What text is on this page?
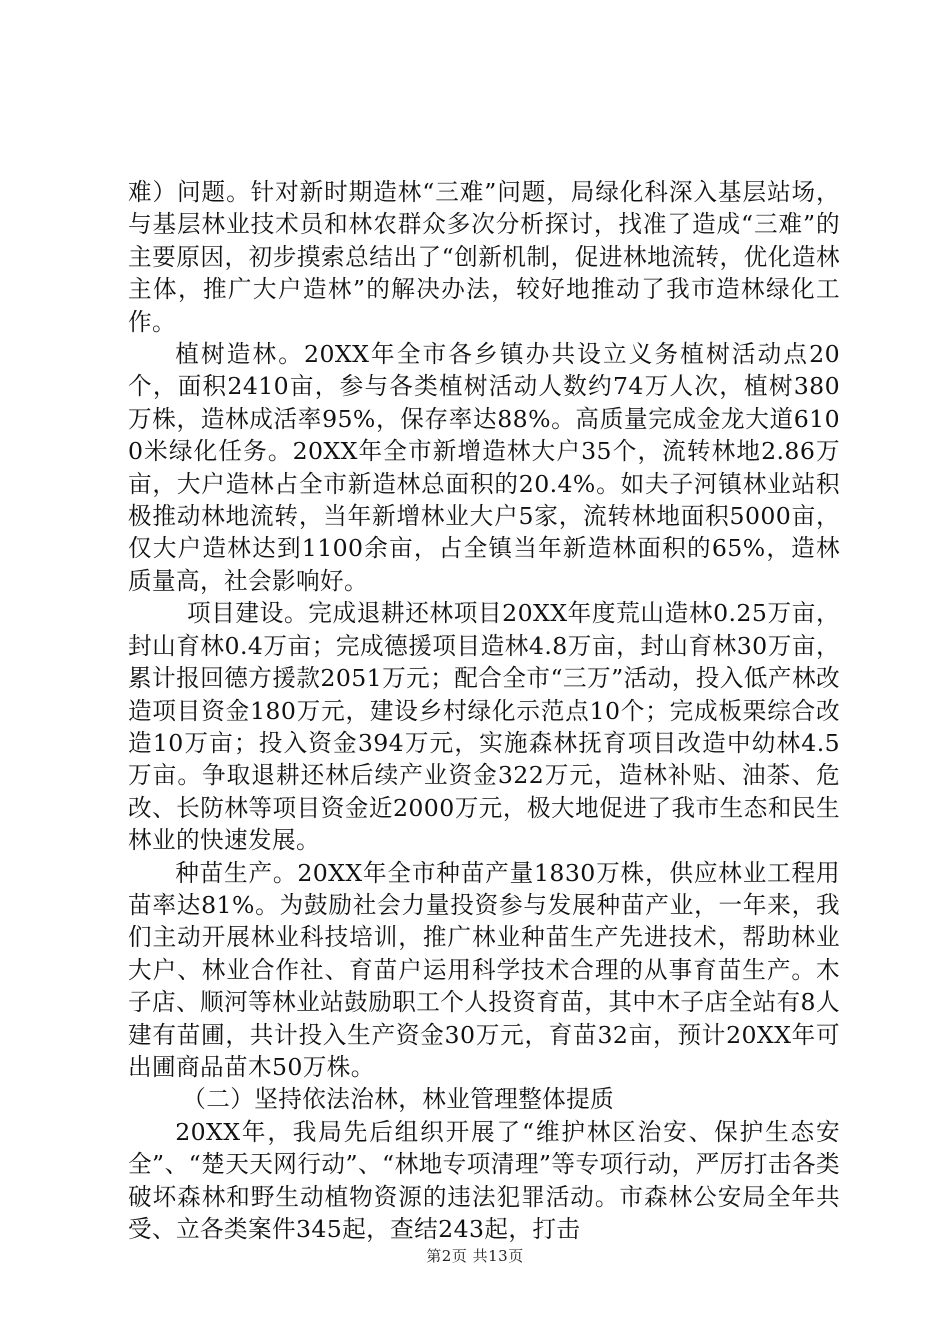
难）问题。针对新时期造林“三难”问题，局绿化科深入基层站场，与基层林业技术员和林农群众多次分析探讨，找准了造成“三难”的主要原因，初步摸索总结出了“创新机制，促进林地流转，优化造林主体，推广大户造林”的解决办法，较好地推动了我市造林绿化工作。

植树造林。20XX年全市各乡镇办共设立义务植树活动点20个，面积2410亩，参与各类植树活动人数约74万人次，植树380万株，造林成活率95%，保存率达88%。高质量完成金龙大道6100米绿化任务。20XX年全市新增造林大户35个，流转林地2.86万亩，大户造林占全市新造林总面积的20.4%。如夫子河镇林业站积极推动林地流转，当年新增林业大户5家，流转林地面积5000亩，仅大户造林达到1100余亩，占全镇当年新造林面积的65%，造林质量高，社会影响好。

项目建设。完成退耕还林项目20XX年度荒山造林0.25万亩，封山育林0.4万亩；完成德援项目造林4.8万亩，封山育林30万亩，累计报回德方援款2051万元；配合全市“三万”活动，投入低产林改造项目资金180万元，建设乡村绿化示范点10个；完成板栗综合改造10万亩；投入资金394万元，实施森林抚育项目改造中幼林4.5万亩。争取退耕还林后续产业资金322万元，造林补贴、油茶、危改、长防林等项目资金近2000万元，极大地促进了我市生态和民生林业的快速发展。

种苗生产。20XX年全市种苗产量1830万株，供应林业工程用苗率达81%。为鼓励社会力量投资参与发展种苗产业，一年来，我们主动开展林业科技培训，推广林业种苗生产先进技术，帮助林业大户、林业合作社、育苗户运用科学技术合理的从事育苗生产。木子店、顺河等林业站鼓励职工个人投资育苗，其中木子店全站有8人建有苗圃，共计投入生产资金30万元，育苗32亩，预计20XX年可出圃商品苗木50万株。

（二）坚持依法治林，林业管理整体提质

20XX年，我局先后组织开展了“维护林区治安、保护生态安全”、“楚天天网行动”、“林地专项清理”等专项行动，严厉打击各类破坏森林和野生动植物资源的违法犯罪活动。市森林公安局全年共受、立各类案件345起，查结243起，打击

第2页 共13页
